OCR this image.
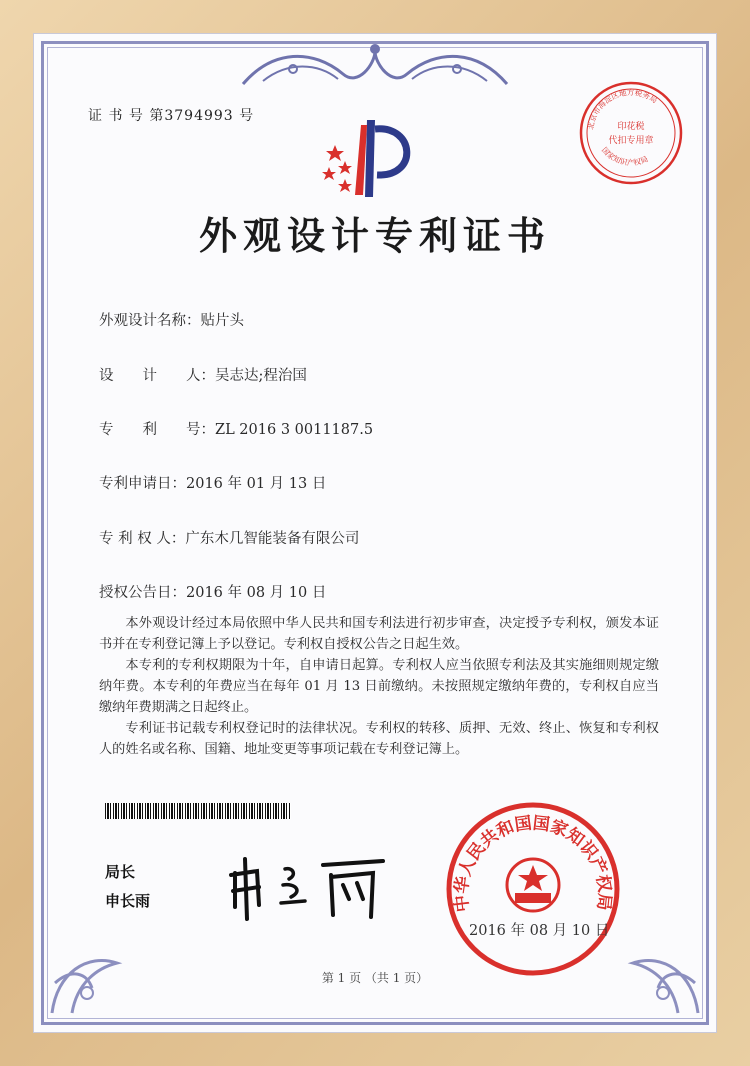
证 书 号 第3794993 号
北京市海淀区地方税务局
印花税
代扣专用章
国家知识产权局
外观设计专利证书
外观设计名称：贴片头
设　　计　　人：吴志达;程治国
专　　利　　号：ZL 2016 3 0011187.5
专利申请日：2016 年 01 月 13 日
专 利 权 人：广东木几智能装备有限公司
授权公告日：2016 年 08 月 10 日
本外观设计经过本局依照中华人民共和国专利法进行初步审查，决定授予专利权，颁发本证书并在专利登记簿上予以登记。专利权自授权公告之日起生效。
本专利的专利权期限为十年，自申请日起算。专利权人应当依照专利法及其实施细则规定缴纳年费。本专利的年费应当在每年 01 月 13 日前缴纳。未按照规定缴纳年费的，专利权自应当缴纳年费期满之日起终止。
专利证书记载专利权登记时的法律状况。专利权的转移、质押、无效、终止、恢复和专利权人的姓名或名称、国籍、地址变更等事项记载在专利登记簿上。
局长
申长雨	中华人民共和国国家知识产权局
2016 年 08 月 10 日
第 1 页 （共 1 页）
